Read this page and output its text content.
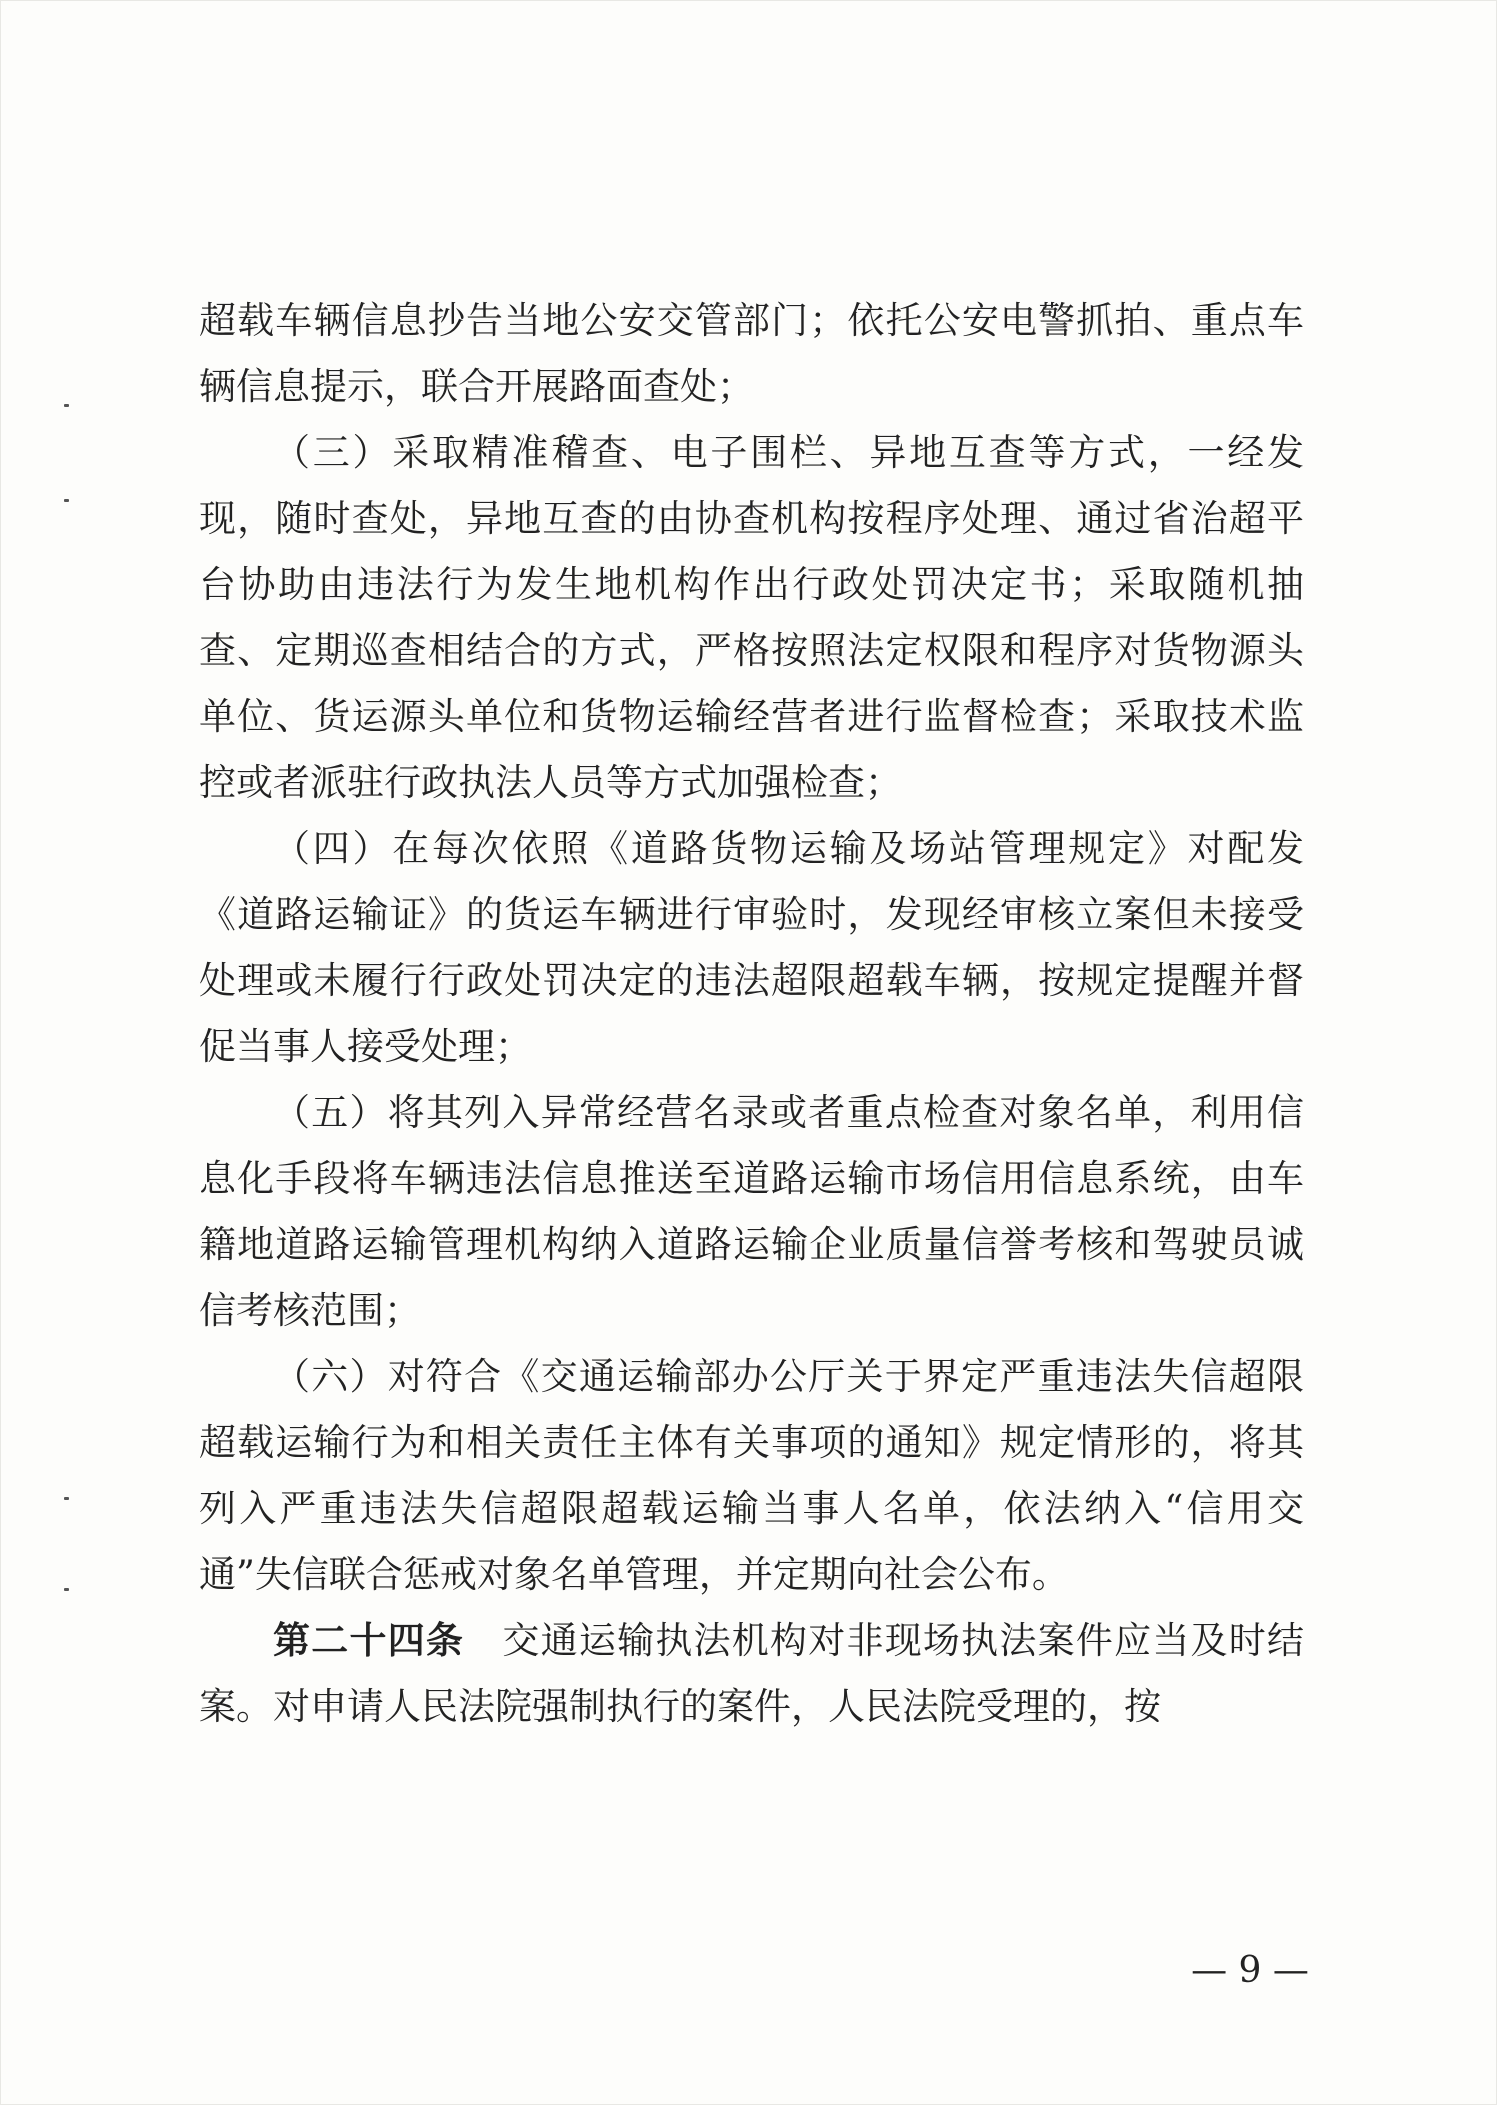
超载车辆信息抄告当地公安交管部门；依托公安电警抓拍、重点车辆信息提示，联合开展路面查处；

（三）采取精准稽查、电子围栏、异地互查等方式，一经发现，随时查处，异地互查的由协查机构按程序处理、通过省治超平台协助由违法行为发生地机构作出行政处罚决定书；采取随机抽查、定期巡查相结合的方式，严格按照法定权限和程序对货物源头单位、货运源头单位和货物运输经营者进行监督检查；采取技术监控或者派驻行政执法人员等方式加强检查；

（四）在每次依照《道路货物运输及场站管理规定》对配发《道路运输证》的货运车辆进行审验时，发现经审核立案但未接受处理或未履行行政处罚决定的违法超限超载车辆，按规定提醒并督促当事人接受处理；

（五）将其列入异常经营名录或者重点检查对象名单，利用信息化手段将车辆违法信息推送至道路运输市场信用信息系统，由车籍地道路运输管理机构纳入道路运输企业质量信誉考核和驾驶员诚信考核范围；

（六）对符合《交通运输部办公厅关于界定严重违法失信超限超载运输行为和相关责任主体有关事项的通知》规定情形的，将其列入严重违法失信超限超载运输当事人名单，依法纳入“信用交通”失信联合惩戒对象名单管理，并定期向社会公布。

第二十四条　 交通运输执法机构对非现场执法案件应当及时结案。对申请人民法院强制执行的案件，人民法院受理的，按

— 9 —
